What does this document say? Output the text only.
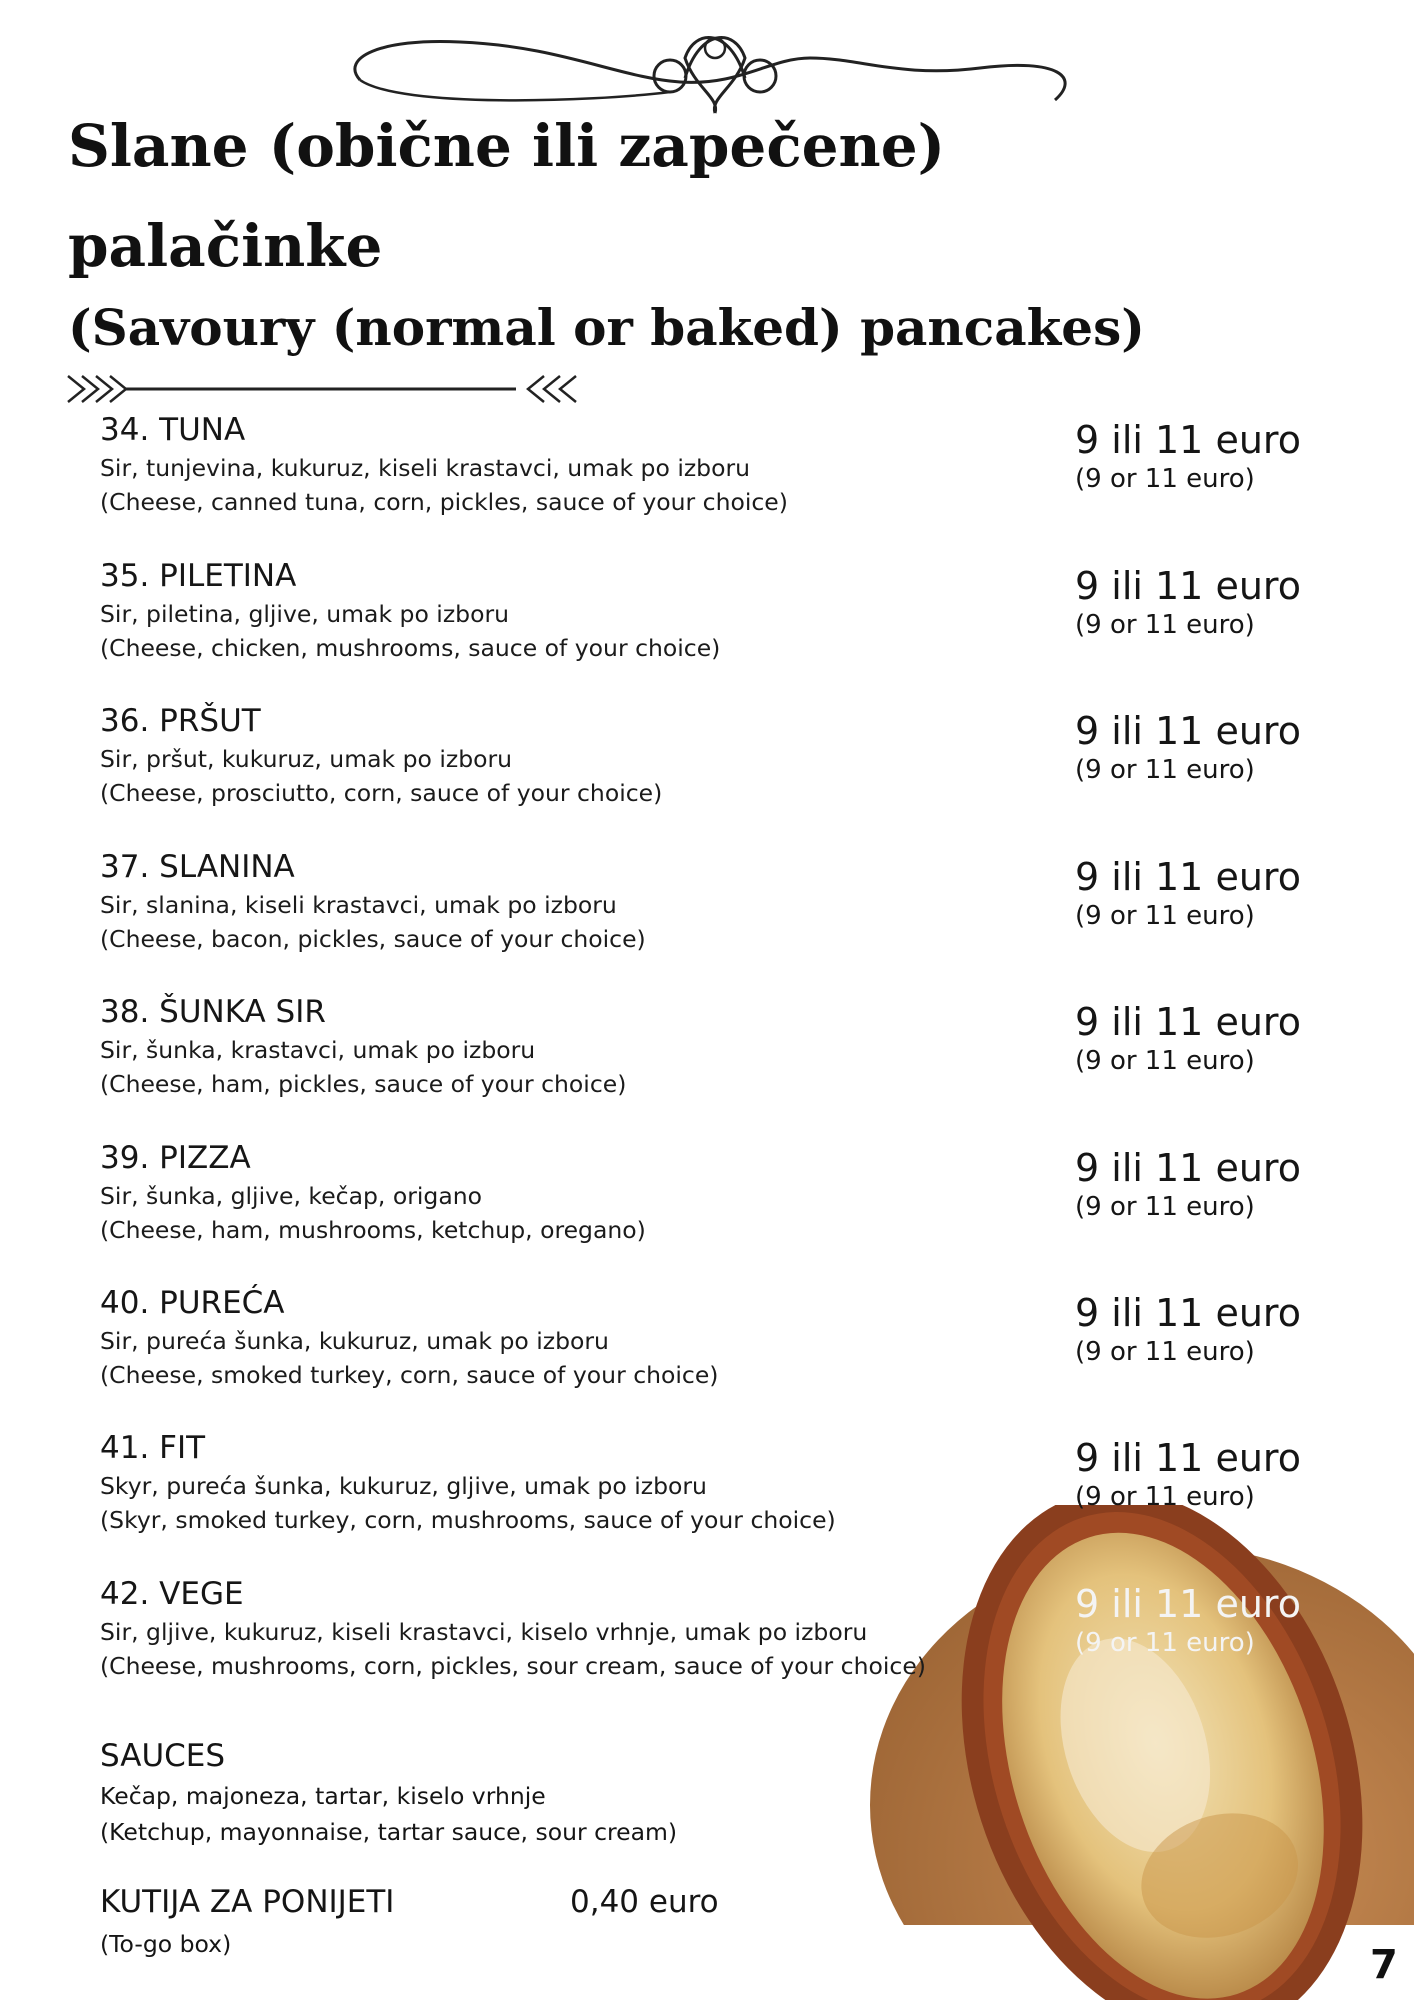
Slane (obične ili zapečene)
palačinke
(Savoury (normal or baked) pancakes)
34. TUNA
Sir, tunjevina, kukuruz, kiseli krastavci, umak po izboru
(Cheese, canned tuna, corn, pickles, sauce of your choice)
9 ili 11 euro
(9 or 11 euro)
35. PILETINA
Sir, piletina, gljive, umak po izboru
(Cheese, chicken, mushrooms, sauce of your choice)
9 ili 11 euro
(9 or 11 euro)
36. PRŠUT
Sir, pršut, kukuruz, umak po izboru
(Cheese, prosciutto, corn, sauce of your choice)
9 ili 11 euro
(9 or 11 euro)
37. SLANINA
Sir, slanina, kiseli krastavci, umak po izboru
(Cheese, bacon, pickles, sauce of your choice)
9 ili 11 euro
(9 or 11 euro)
38. ŠUNKA SIR
Sir, šunka, krastavci, umak po izboru
(Cheese, ham, pickles, sauce of your choice)
9 ili 11 euro
(9 or 11 euro)
39. PIZZA
Sir, šunka, gljive, kečap, origano
(Cheese, ham, mushrooms, ketchup, oregano)
9 ili 11 euro
(9 or 11 euro)
40. PUREĆA
Sir, pureća šunka, kukuruz, umak po izboru
(Cheese, smoked turkey, corn, sauce of your choice)
9 ili 11 euro
(9 or 11 euro)
41. FIT
Skyr, pureća šunka, kukuruz, gljive, umak po izboru
(Skyr, smoked turkey, corn, mushrooms, sauce of your choice)
9 ili 11 euro
(9 or 11 euro)
42. VEGE
Sir, gljive, kukuruz, kiseli krastavci, kiselo vrhnje, umak po izboru
(Cheese, mushrooms, corn, pickles, sour cream, sauce of your choice)
9 ili 11 euro
(9 or 11 euro)
SAUCES
Kečap, majoneza, tartar, kiselo vrhnje
(Ketchup, mayonnaise, tartar sauce, sour cream)
KUTIJA ZA PONIJETI	0,40 euro
(To-go box)	7
